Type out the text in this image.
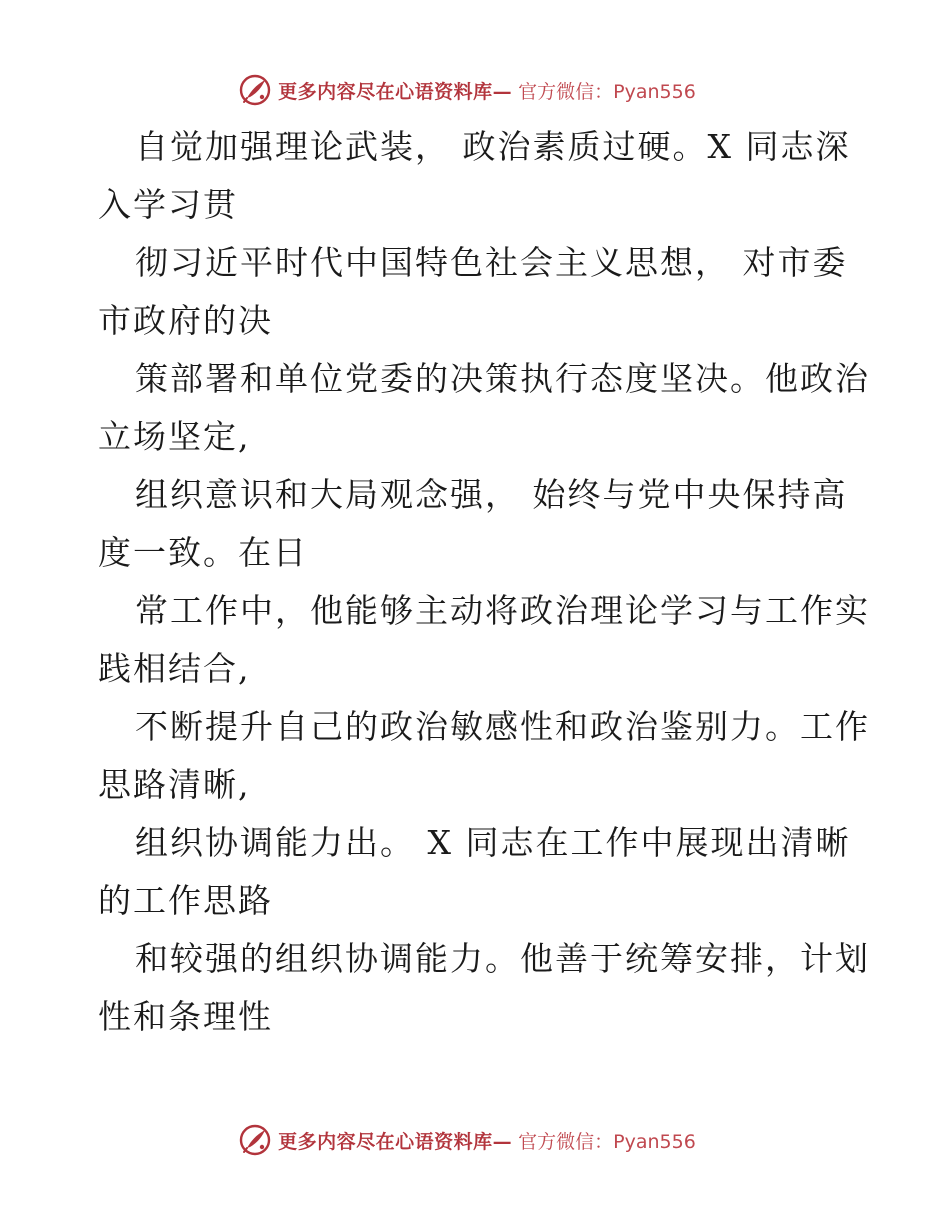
更多内容尽在心语资料库— 官方微信：Pyan556
自觉加强理论武装， 政治素质过硬。X 同志深
入学习贯
彻习近平时代中国特色社会主义思想， 对市委
市政府的决
策部署和单位党委的决策执行态度坚决。他政治
立场坚定,
组织意识和大局观念强， 始终与党中央保持高
度一致。在日
常工作中，他能够主动将政治理论学习与工作实
践相结合,
不断提升自己的政治敏感性和政治鉴别力。工作
思路清晰,
组织协调能力出。 X 同志在工作中展现出清晰
的工作思路
和较强的组织协调能力。他善于统筹安排，计划
性和条理性
更多内容尽在心语资料库— 官方微信：Pyan556
